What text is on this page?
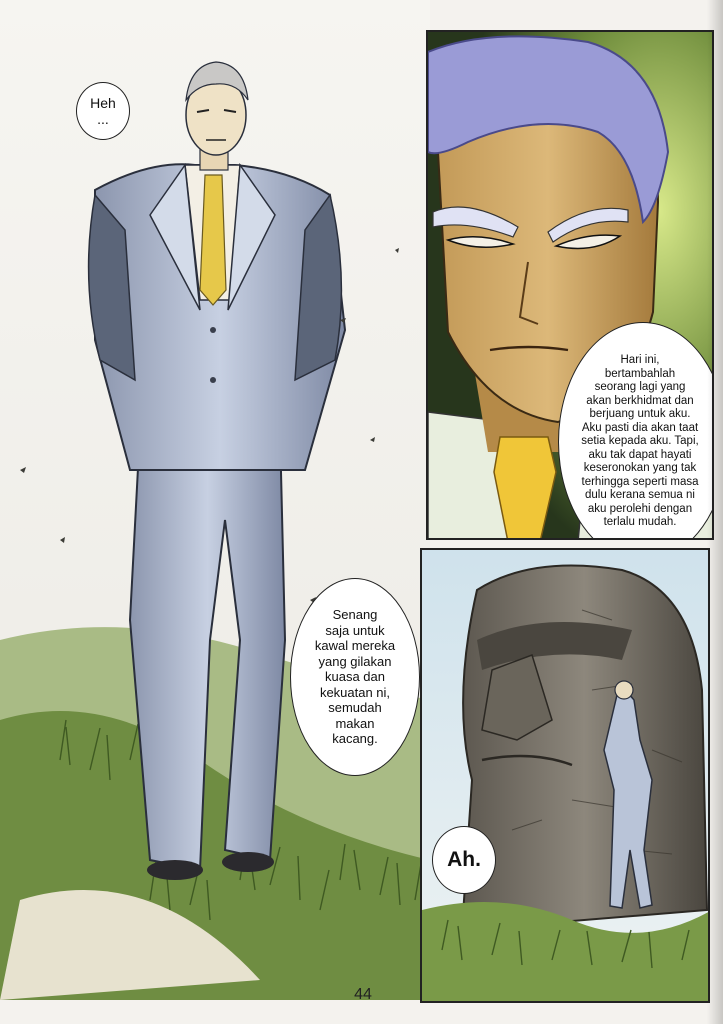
Hari ini,
bertambahlah
seorang lagi yang
akan berkhidmat dan
berjuang untuk aku.
Aku pasti dia akan taat
setia kepada aku. Tapi,
aku tak dapat hayati
keseronokan yang tak
terhingga seperti masa
dulu kerana semua ni
aku perolehi dengan
terlalu mudah.
Heh
...
Senang
saja untuk
kawal mereka
yang gilakan
kuasa dan
kekuatan ni,
semudah
makan
kacang.
Ah.
44
